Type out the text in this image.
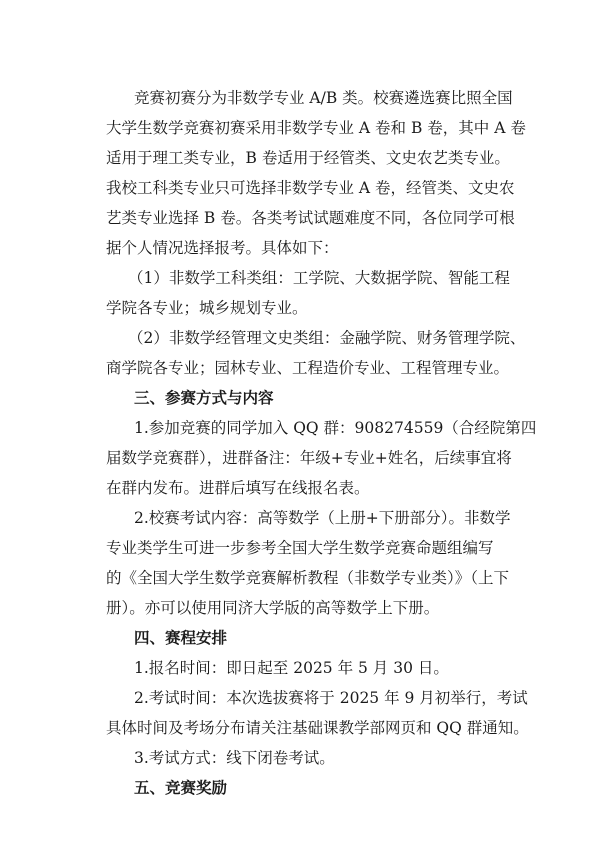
竞赛初赛分为非数学专业 A/B 类。校赛遴选赛比照全国
大学生数学竞赛初赛采用非数学专业 A 卷和 B 卷，其中 A 卷
适用于理工类专业，B 卷适用于经管类、文史农艺类专业。
我校工科类专业只可选择非数学专业 A 卷，经管类、文史农
艺类专业选择 B 卷。各类考试试题难度不同，各位同学可根
据个人情况选择报考。具体如下：
（1）非数学工科类组：工学院、大数据学院、智能工程
学院各专业；城乡规划专业。
（2）非数学经管理文史类组：金融学院、财务管理学院、
商学院各专业；园林专业、工程造价专业、工程管理专业。
三、参赛方式与内容
1.参加竞赛的同学加入 QQ 群：908274559（合经院第四
届数学竞赛群），进群备注：年级+专业+姓名，后续事宜将
在群内发布。进群后填写在线报名表。
2.校赛考试内容：高等数学（上册+下册部分）。非数学
专业类学生可进一步参考全国大学生数学竞赛命题组编写
的《全国大学生数学竞赛解析教程（非数学专业类）》（上下
册）。亦可以使用同济大学版的高等数学上下册。
四、赛程安排
1.报名时间：即日起至 2025 年 5 月 30 日。
2.考试时间：本次选拔赛将于 2025 年 9 月初举行，考试
具体时间及考场分布请关注基础课教学部网页和 QQ 群通知。
3.考试方式：线下闭卷考试。
五、竞赛奖励
